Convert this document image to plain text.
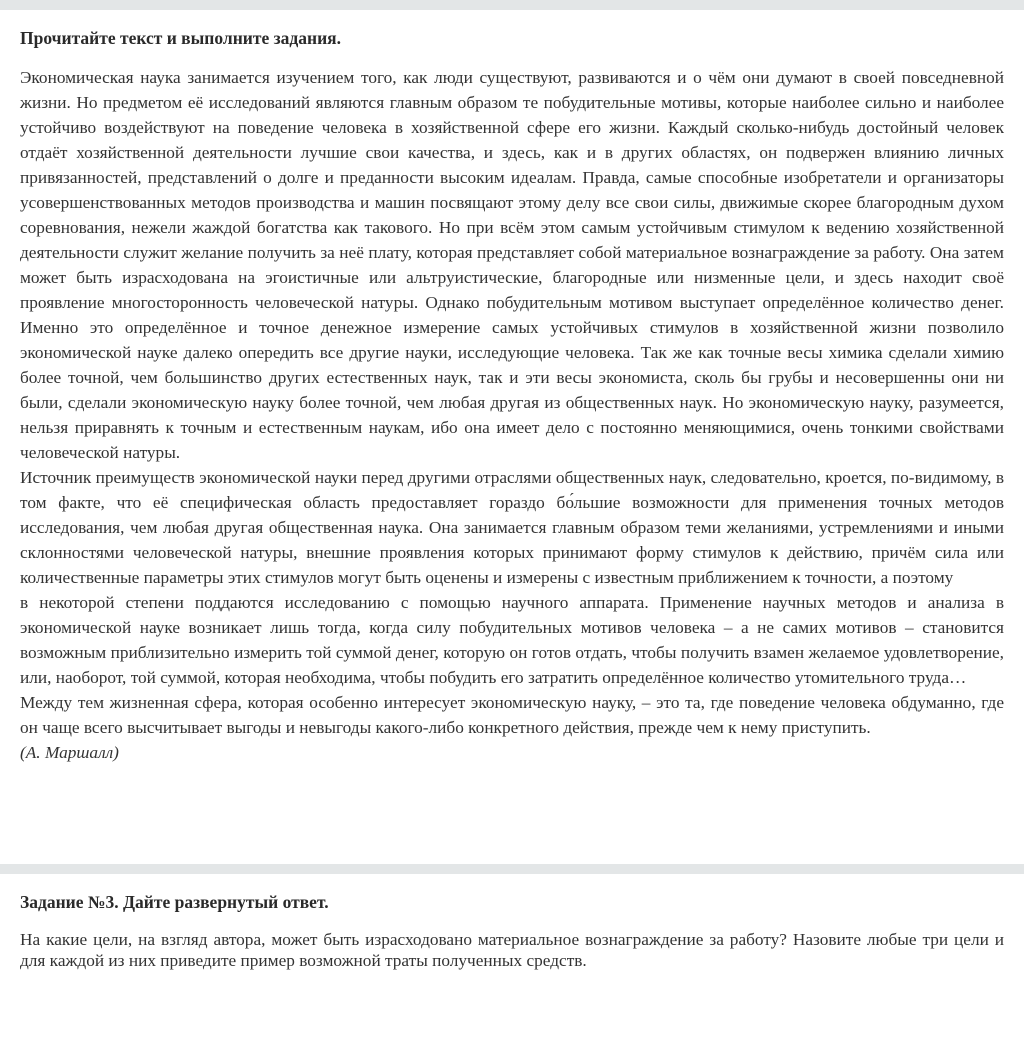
Прочитайте текст и выполните задания.

Экономическая наука занимается изучением того, как люди существуют, развиваются и о чём они думают в своей повседневной жизни. Но предметом её исследований являются главным образом те побудительные мотивы, которые наиболее сильно и наиболее устойчиво воздействуют на поведение человека в хозяйственной сфере его жизни. Каждый сколько-нибудь достойный человек отдаёт хозяйственной деятельности лучшие свои качества, и здесь, как и в других областях, он подвержен влиянию личных привязанностей, представлений о долге и преданности высоким идеалам. Правда, самые способные изобретатели и организаторы усовершенствованных методов производства и машин посвящают этому делу все свои силы, движимые скорее благородным духом соревнования, нежели жаждой богатства как такового. Но при всём этом самым устойчивым стимулом к ведению хозяйственной деятельности служит желание получить за неё плату, которая представляет собой материальное вознаграждение за работу. Она затем может быть израсходована на эгоистичные или альтруистические, благородные или низменные цели, и здесь находит своё проявление многосторонность человеческой натуры. Однако побудительным мотивом выступает определённое количество денег. Именно это определённое и точное денежное измерение самых устойчивых стимулов в хозяйственной жизни позволило экономической науке далеко опередить все другие науки, исследующие человека. Так же как точные весы химика сделали химию более точной, чем большинство других естественных наук, так и эти весы экономиста, сколь бы грубы и несовершенны они ни были, сделали экономическую науку более точной, чем любая другая из общественных наук. Но экономическую науку, разумеется, нельзя приравнять к точным и естественным наукам, ибо она имеет дело с постоянно меняющимися, очень тонкими свойствами человеческой натуры.

Источник преимуществ экономической науки перед другими отраслями общественных наук, следовательно, кроется, по-видимому, в том факте, что её специфическая область предоставляет гораздо бо́льшие возможности для применения точных методов исследования, чем любая другая общественная наука. Она занимается главным образом теми желаниями, устремлениями и иными склонностями человеческой натуры, внешние проявления которых принимают форму стимулов к действию, причём сила или количественные параметры этих стимулов могут быть оценены и измерены с известным приближением к точности, а поэтому

в некоторой степени поддаются исследованию с помощью научного аппарата. Применение научных методов и анализа в экономической науке возникает лишь тогда, когда силу побудительных мотивов человека – а не самих мотивов – становится возможным приблизительно измерить той суммой денег, которую он готов отдать, чтобы получить взамен желаемое удовлетворение, или, наоборот, той суммой, которая необходима, чтобы побудить его затратить определённое количество утомительного труда…

Между тем жизненная сфера, которая особенно интересует экономическую науку, – это та, где поведение человека обдуманно, где он чаще всего высчитывает выгоды и невыгоды какого-либо конкретного действия, прежде чем к нему приступить.

(А. Маршалл)

Задание №3. Дайте развернутый ответ.

На какие цели, на взгляд автора, может быть израсходовано материальное вознаграждение за работу? Назовите любые три цели и для каждой из них приведите пример возможной траты полученных средств.
